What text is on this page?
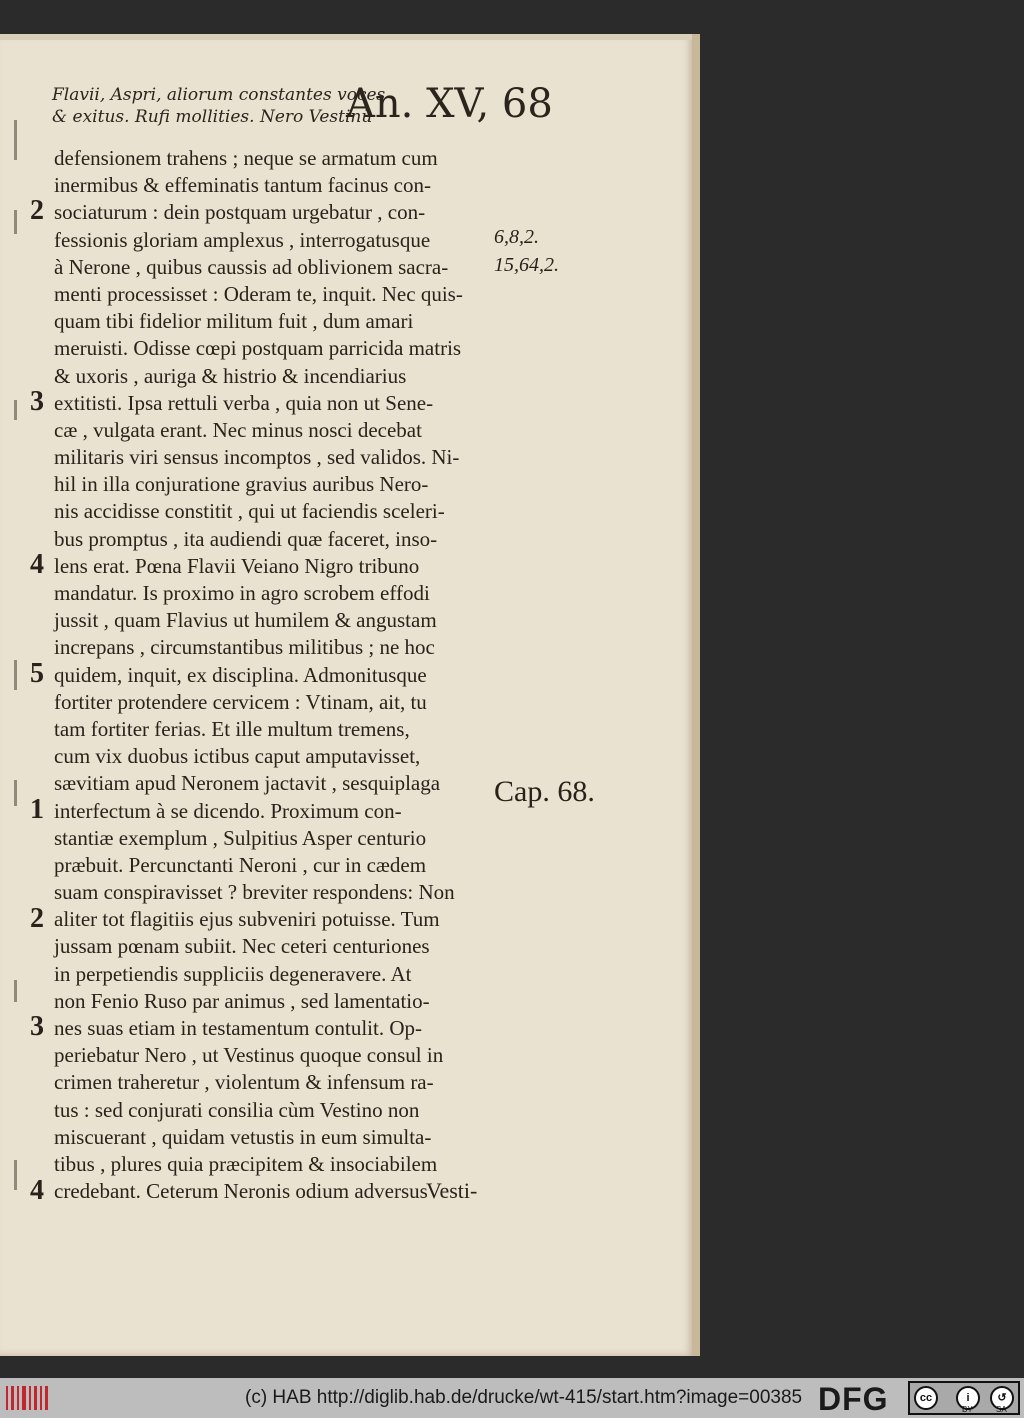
Flavii, Aspri, aliorum constantes voces
& exitus. Rufi mollities. Nero Vestinū
An. XV, 68
defensionem trahens ; neque se armatum cum
inermibus & effeminatis tantum facinus con-
sociaturum : dein postquam urgebatur , con-
fessionis gloriam amplexus , interrogatusque
à Nerone , quibus caussis ad oblivionem sacra-
menti processisset : Oderam te, inquit. Nec quis-
quam tibi fidelior militum fuit , dum amari
meruisti. Odisse cœpi postquam parricida matris
& uxoris , auriga & histrio & incendiarius
extitisti. Ipsa rettuli verba , quia non ut Sene-
cæ , vulgata erant. Nec minus nosci decebat
militaris viri sensus incomptos , sed validos. Ni-
hil in illa conjuratione gravius auribus Nero-
nis accidisse constitit , qui ut faciendis sceleri-
bus promptus , ita audiendi quæ faceret, inso-
lens erat. Pœna Flavii Veiano Nigro tribuno
mandatur. Is proximo in agro scrobem effodi
jussit , quam Flavius ut humilem & angustam
increpans , circumstantibus militibus ; ne hoc
quidem, inquit, ex disciplina. Admonitusque
fortiter protendere cervicem : Vtinam, ait, tu
tam fortiter ferias. Et ille multum tremens,
cum vix duobus ictibus caput amputavisset,
sævitiam apud Neronem jactavit , sesquiplaga
interfectum à se dicendo. Proximum con-
stantiæ exemplum , Sulpitius Asper centurio
præbuit. Percunctanti Neroni , cur in cædem
suam conspiravisset ? breviter respondens: Non
aliter tot flagitiis ejus subveniri potuisse. Tum
jussam pœnam subiit. Nec ceteri centuriones
in perpetiendis suppliciis degeneravere. At
non Fenio Ruso par animus , sed lamentatio-
nes suas etiam in testamentum contulit. Op-
periebatur Nero , ut Vestinus quoque consul in
crimen traheretur , violentum & infensum ra-
tus : sed conjurati consilia cùm Vestino non
miscuerant , quidam vetustis in eum simulta-
tibus , plures quia præcipitem & insociabilem
credebant. Ceterum Neronis odium adversus
2
3
4
5
1
2
3
4
6,8,2.
15,64,2.
Cap. 68.
Vesti-
(c) HAB http://diglib.hab.de/drucke/wt-415/start.htm?image=00385 DFG	cc	i	↺
BY	SA
